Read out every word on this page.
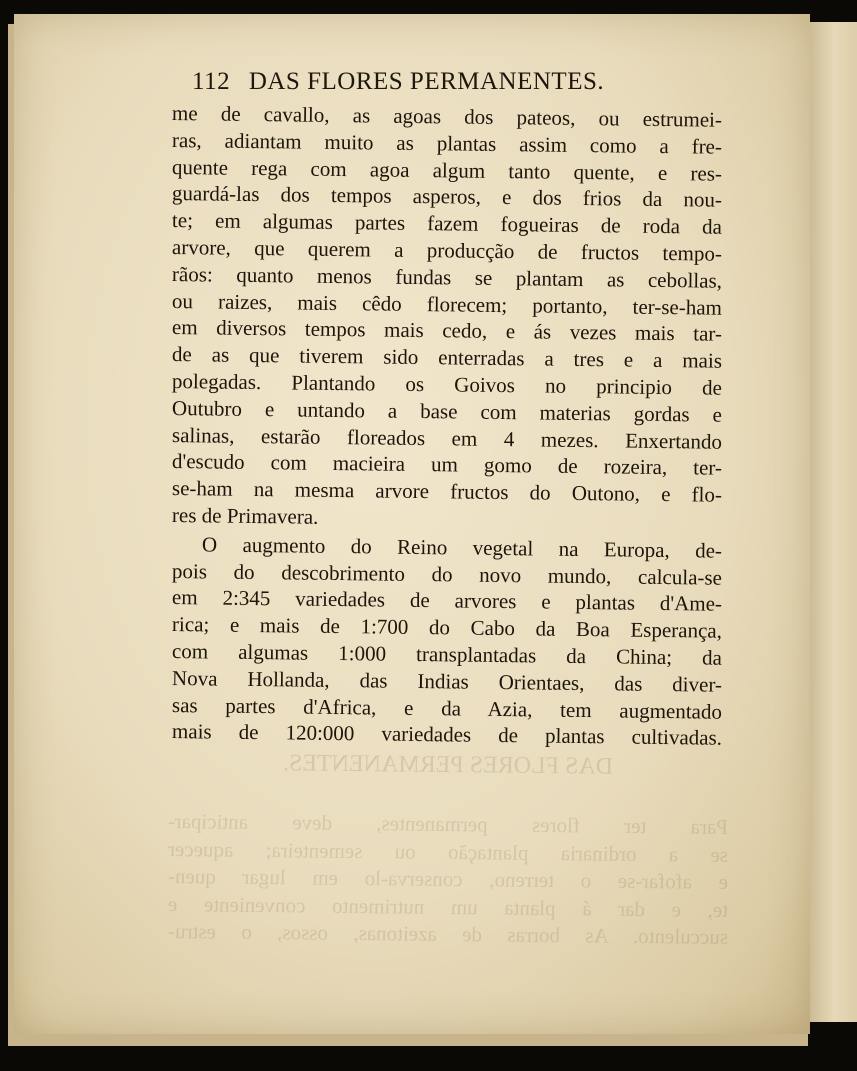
DAS FLORES PERMANENTES.
Para ter flores permanentes, deve anticipar-
se a ordinaria plantação ou sementeira; aquecer
e afofar-se o terreno, conserva-lo em lugar quen-
te, e dar á planta um nutrimento conveniente e
succulento. As borras de azeitonas, ossos, o estru-
112 DAS FLORES PERMANENTES.
me de cavallo, as agoas dos pateos, ou estrumei-
ras, adiantam muito as plantas assim como a fre-
quente rega com agoa algum tanto quente, e res-
guardá-las dos tempos asperos, e dos frios da nou-
te; em algumas partes fazem fogueiras de roda da
arvore, que querem a producção de fructos tempo-
rãos: quanto menos fundas se plantam as cebollas,
ou raizes, mais cêdo florecem; portanto, ter-se-ham
em diversos tempos mais cedo, e ás vezes mais tar-
de as que tiverem sido enterradas a tres e a mais
polegadas. Plantando os Goivos no principio de
Outubro e untando a base com materias gordas e
salinas, estarão floreados em 4 mezes. Enxertando
d'escudo com macieira um gomo de rozeira, ter-
se-ham na mesma arvore fructos do Outono, e flo-
res de Primavera.
O augmento do Reino vegetal na Europa, de-
pois do descobrimento do novo mundo, calcula-se
em 2:345 variedades de arvores e plantas d'Ame-
rica; e mais de 1:700 do Cabo da Boa Esperança,
com algumas 1:000 transplantadas da China; da
Nova Hollanda, das Indias Orientaes, das diver-
sas partes d'Africa, e da Azia, tem augmentado
mais de 120:000 variedades de plantas cultivadas.
